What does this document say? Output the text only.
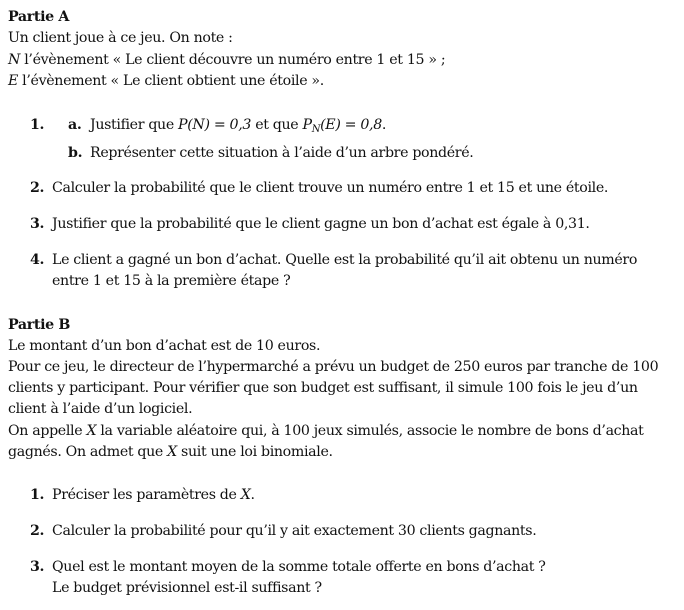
Partie A
Un client joue à ce jeu. On note :
N l’évènement « Le client découvre un numéro entre 1 et 15 » ;
E l’évènement « Le client obtient une étoile ».
1. a. Justifier que P(N) = 0,3 et que $P_N(E) = 0,8$.
b. Représenter cette situation à l’aide d’un arbre pondéré.
2. Calculer la probabilité que le client trouve un numéro entre 1 et 15 et une étoile.
3. Justifier que la probabilité que le client gagne un bon d’achat est égale à 0,31.
4. Le client a gagné un bon d’achat. Quelle est la probabilité qu’il ait obtenu un numéro
entre 1 et 15 à la première étape ?
Partie B
Le montant d’un bon d’achat est de 10 euros.
Pour ce jeu, le directeur de l’hypermarché a prévu un budget de 250 euros par tranche de 100
clients y participant. Pour vérifier que son budget est suffisant, il simule 100 fois le jeu d’un
client à l’aide d’un logiciel.
On appelle X la variable aléatoire qui, à 100 jeux simulés, associe le nombre de bons d’achat
gagnés. On admet que X suit une loi binomiale.
1. Préciser les paramètres de X.
2. Calculer la probabilité pour qu’il y ait exactement 30 clients gagnants.
3. Quel est le montant moyen de la somme totale offerte en bons d’achat ?
Le budget prévisionnel est-il suffisant ?
